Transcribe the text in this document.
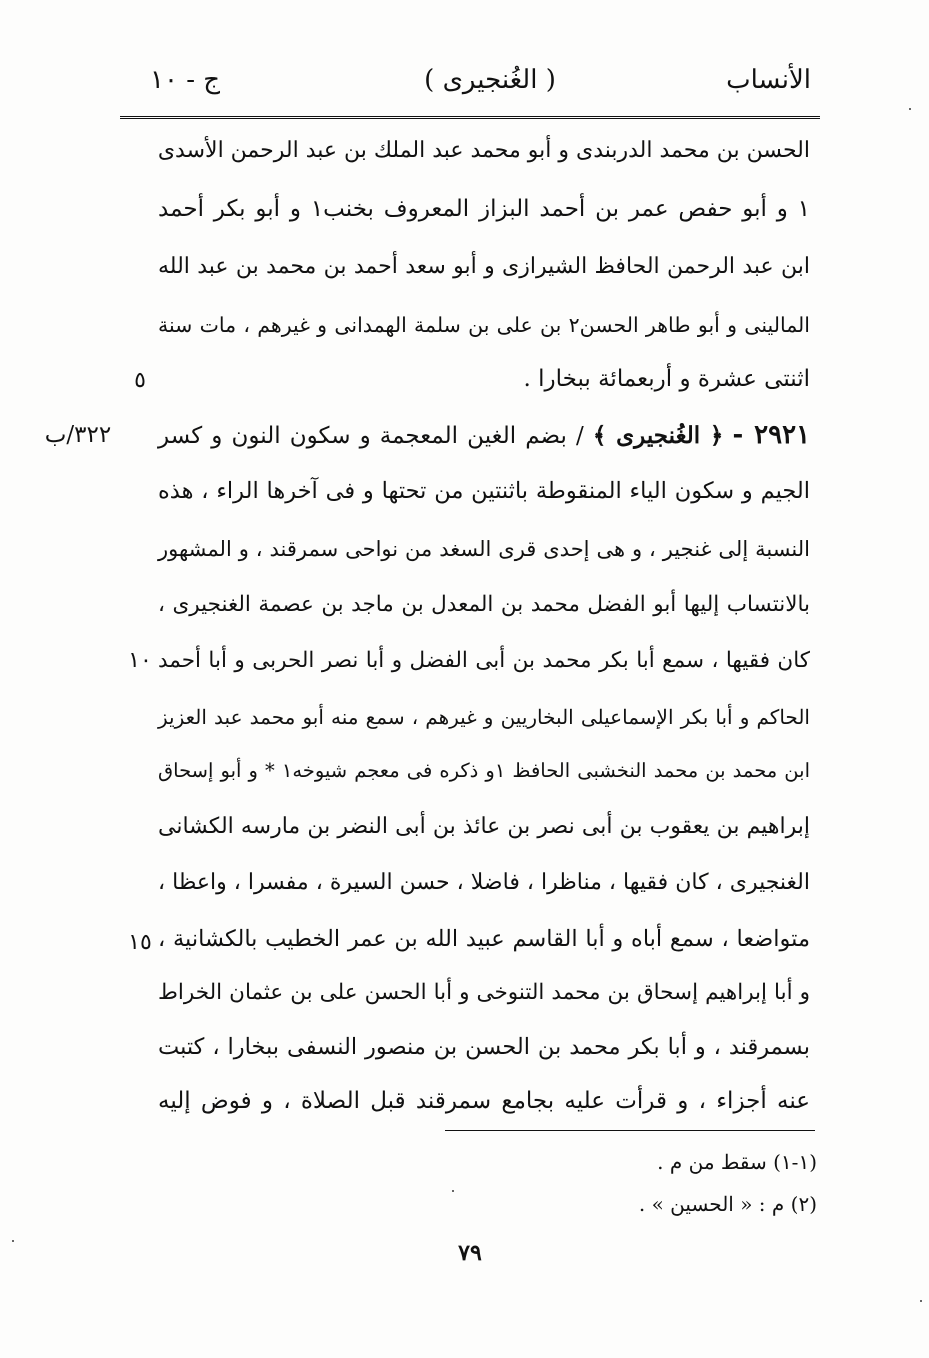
الأنساب
( الغُنجيرى )
ج - ١٠
الحسن بن محمد الدربندى و أبو محمد عبد الملك بن عبد الرحمن الأسدى
١ و أبو حفص عمر بن أحمد البزاز المعروف بخنب١ و أبو بكر أحمد
ابن عبد الرحمن الحافظ الشيرازى و أبو سعد أحمد بن محمد بن عبد الله
المالينى و أبو طاهر الحسن٢ بن على بن سلمة الهمدانى و غيرهم ، مات سنة
اثنتى عشرة و أربعمائة ببخارا .
٥
٢٩٢١ - ﴿ الغُنجيرى ﴾ / بضم الغين المعجمة و سكون النون و كسر
٣٢٢/ب
الجيم و سكون الياء المنقوطة باثنتين من تحتها و فى آخرها الراء ، هذه
النسبة إلى غنجير ، و هى إحدى قرى السغد من نواحى سمرقند ، و المشهور
بالانتساب إليها أبو الفضل محمد بن المعدل بن ماجد بن عصمة الغنجيرى ،
كان فقيها ، سمع أبا بكر محمد بن أبى الفضل و أبا نصر الحربى و أبا أحمد
١٠
الحاكم و أبا بكر الإسماعيلى البخاريين و غيرهم ، سمع منه أبو محمد عبد العزيز
ابن محمد بن محمد النخشبى الحافظ ١و ذكره فى معجم شيوخه١ * و أبو إسحاق
إبراهيم بن يعقوب بن أبى نصر بن عائذ بن أبى النضر بن مارسه الكشانى
الغنجيرى ، كان فقيها ، مناظرا ، فاضلا ، حسن السيرة ، مفسرا ، واعظا ،
متواضعا ، سمع أباه و أبا القاسم عبيد الله بن عمر الخطيب بالكشانية ،
١٥
و أبا إبراهيم إسحاق بن محمد التنوخى و أبا الحسن على بن عثمان الخراط
بسمرقند ، و أبا بكر محمد بن الحسن بن منصور النسفى ببخارا ، كتبت
عنه أجزاء ، و قرأت عليه بجامع سمرقند قبل الصلاة ، و فوض إليه
(١-١) سقط من م .
(٢) م : « الحسين » .
٧٩
